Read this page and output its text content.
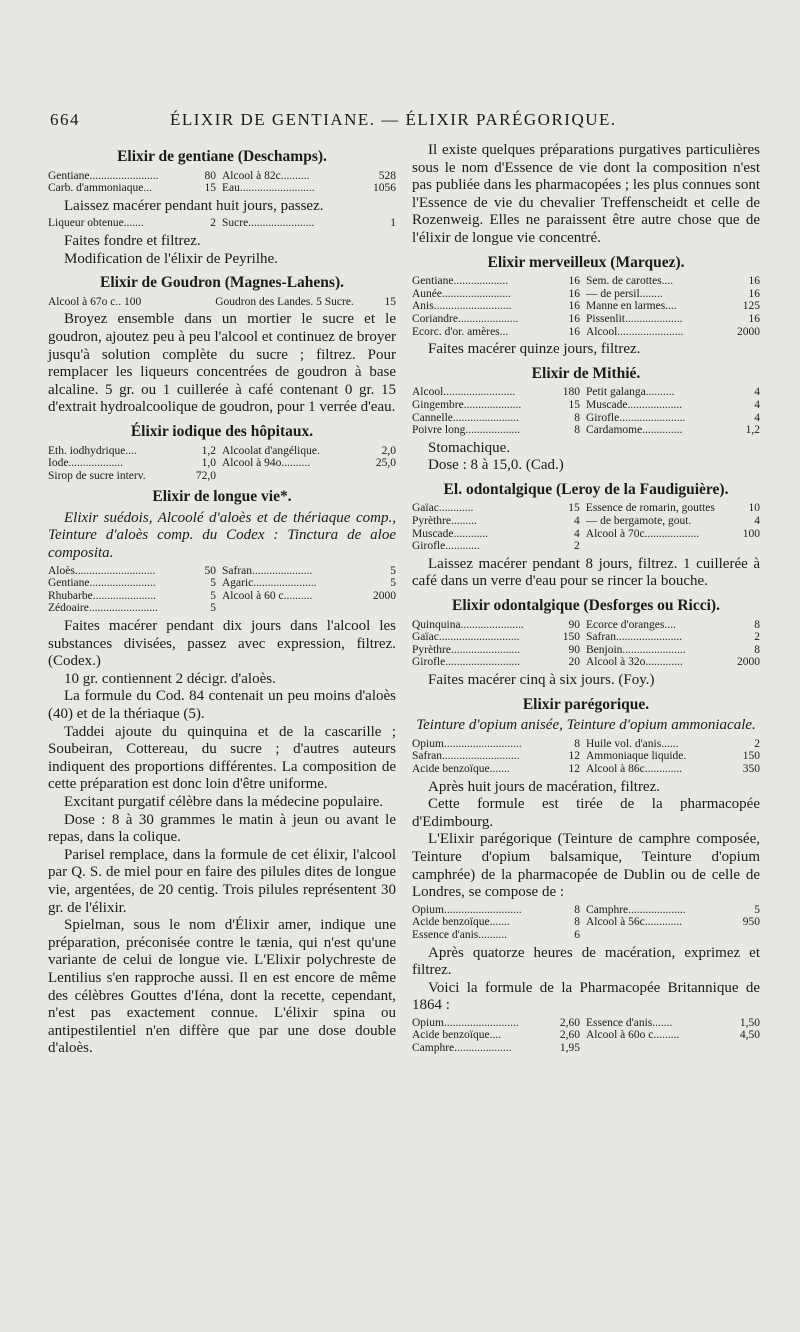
664	ÉLIXIR DE GENTIANE. — ÉLIXIR PARÉGORIQUE.
Elixir de gentiane (Deschamps).
Gentiane........................	80	Alcool à 82c..........	528
Carb. d'ammoniaque...	15	Eau..........................	1056

Laissez macérer pendant huit jours, passez.

Liqueur obtenue.......	2	Sucre.......................	1

Faites fondre et filtrez.

Modification de l'élixir de Peyrilhe.

Elixir de Goudron (Magnes-Lahens).
Alcool à 67o c.. 100		Goudron des Landes. 5 Sucre.	15

Broyez ensemble dans un mortier le sucre et le goudron, ajoutez peu à peu l'alcool et continuez de broyer jusqu'à solution complète du sucre ; filtrez. Pour remplacer les liqueurs concentrées de goudron à base alcaline. 5 gr. ou 1 cuillerée à café contenant 0 gr. 15 d'extrait hydroalcoolique de goudron, pour 1 verrée d'eau.

Élixir iodique des hôpitaux.
Eth. iodhydrique....	1,2	Alcoolat d'angélique.	2,0
Iode...................	1,0	Alcool à 94o..........	25,0
Sirop de sucre interv.	72,0		
Elixir de longue vie*.

Elixir suédois, Alcoolé d'aloès et de thériaque comp., Teinture d'aloès comp. du Codex : Tinctura de aloe composita.

Aloès............................	50	Safran.....................	5
Gentiane.......................	5	Agaric......................	5
Rhubarbe......................	5	Alcool à 60 c..........	2000
Zédoaire........................	5		

Faites macérer pendant dix jours dans l'alcool les substances divisées, passez avec expression, filtrez. (Codex.)

10 gr. contiennent 2 décigr. d'aloès.

La formule du Cod. 84 contenait un peu moins d'aloès (40) et de la thériaque (5).

Taddei ajoute du quinquina et de la cascarille ; Soubeiran, Cottereau, du sucre ; d'autres auteurs indiquent des proportions différentes. La composition de cette préparation est donc loin d'être uniforme.

Excitant purgatif célèbre dans la médecine populaire.

Dose : 8 à 30 grammes le matin à jeun ou avant le repas, dans la colique.

Parisel remplace, dans la formule de cet élixir, l'alcool par Q. S. de miel pour en faire des pilules dites de longue vie, argentées, de 20 centig. Trois pilules représentent 30 gr. de l'élixir.

Spielman, sous le nom d'Élixir amer, indique une préparation, préconisée contre le tænia, qui n'est qu'une variante de celui de longue vie. L'Elixir polychreste de Lentilius s'en rapproche aussi. Il en est encore de même des célèbres Gouttes d'Iéna, dont la recette, cependant, n'est pas exactement connue. L'élixir spina ou antipestilentiel n'en diffère que par une dose double d'aloès.

Il existe quelques préparations purgatives particulières sous le nom d'Essence de vie dont la composition n'est pas publiée dans les pharmacopées ; les plus connues sont l'Essence de vie du chevalier Treffenscheidt et celle de Rozenweig. Elles ne paraissent être autre chose que de l'élixir de longue vie concentré.

Elixir merveilleux (Marquez).
Gentiane...................	16	Sem. de carottes....	16
Aunée........................	16	— de persil........	16
Anis...........................	16	Manne en larmes....	125
Coriandre.....................	16	Pissenlit....................	16
Ecorc. d'or. amères...	16	Alcool.......................	2000

Faites macérer quinze jours, filtrez.

Elixir de Mithié.
Alcool.........................	180	Petit galanga..........	4
Gingembre....................	15	Muscade...................	4
Cannelle.......................	8	Girofle.......................	4
Poivre long...................	8	Cardamome..............	1,2

Stomachique.

Dose : 8 à 15,0. (Cad.)

El. odontalgique (Leroy de la Faudiguière).
Gaïac............	15	Essence de romarin, gouttes	10
Pyrèthre.........	4	— de bergamote, gout.	4
Muscade............	4	Alcool à 70c...................	100
Girofle............	2		

Laissez macérer pendant 8 jours, filtrez. 1 cuillerée à café dans un verre d'eau pour se rincer la bouche.

Elixir odontalgique (Desforges ou Ricci).
Quinquina......................	90	Ecorce d'oranges....	8
Gaïac............................	150	Safran.......................	2
Pyrèthre........................	90	Benjoin......................	8
Girofle..........................	20	Alcool à 32o.............	2000

Faites macérer cinq à six jours. (Foy.)

Elixir parégorique.
Teinture d'opium anisée, Teinture d'opium ammoniacale.
Opium...........................	8	Huile vol. d'anis......	2
Safran...........................	12	Ammoniaque liquide.	150
Acide benzoïque.......	12	Alcool à 86c.............	350

Après huit jours de macération, filtrez.

Cette formule est tirée de la pharmacopée d'Edimbourg.

L'Elixir parégorique (Teinture de camphre composée, Teinture d'opium balsamique, Teinture d'opium camphrée) de la pharmacopée de Dublin ou de celle de Londres, se compose de :

Opium...........................	8	Camphre....................	5
Acide benzoïque.......	8	Alcool à 56c.............	950
Essence d'anis..........	6		

Après quatorze heures de macération, exprimez et filtrez.

Voici la formule de la Pharmacopée Britannique de 1864 :

Opium..........................	2,60	Essence d'anis.......	1,50
Acide benzoïque....	2,60	Alcool à 60o c.........	4,50
Camphre....................	1,95		
